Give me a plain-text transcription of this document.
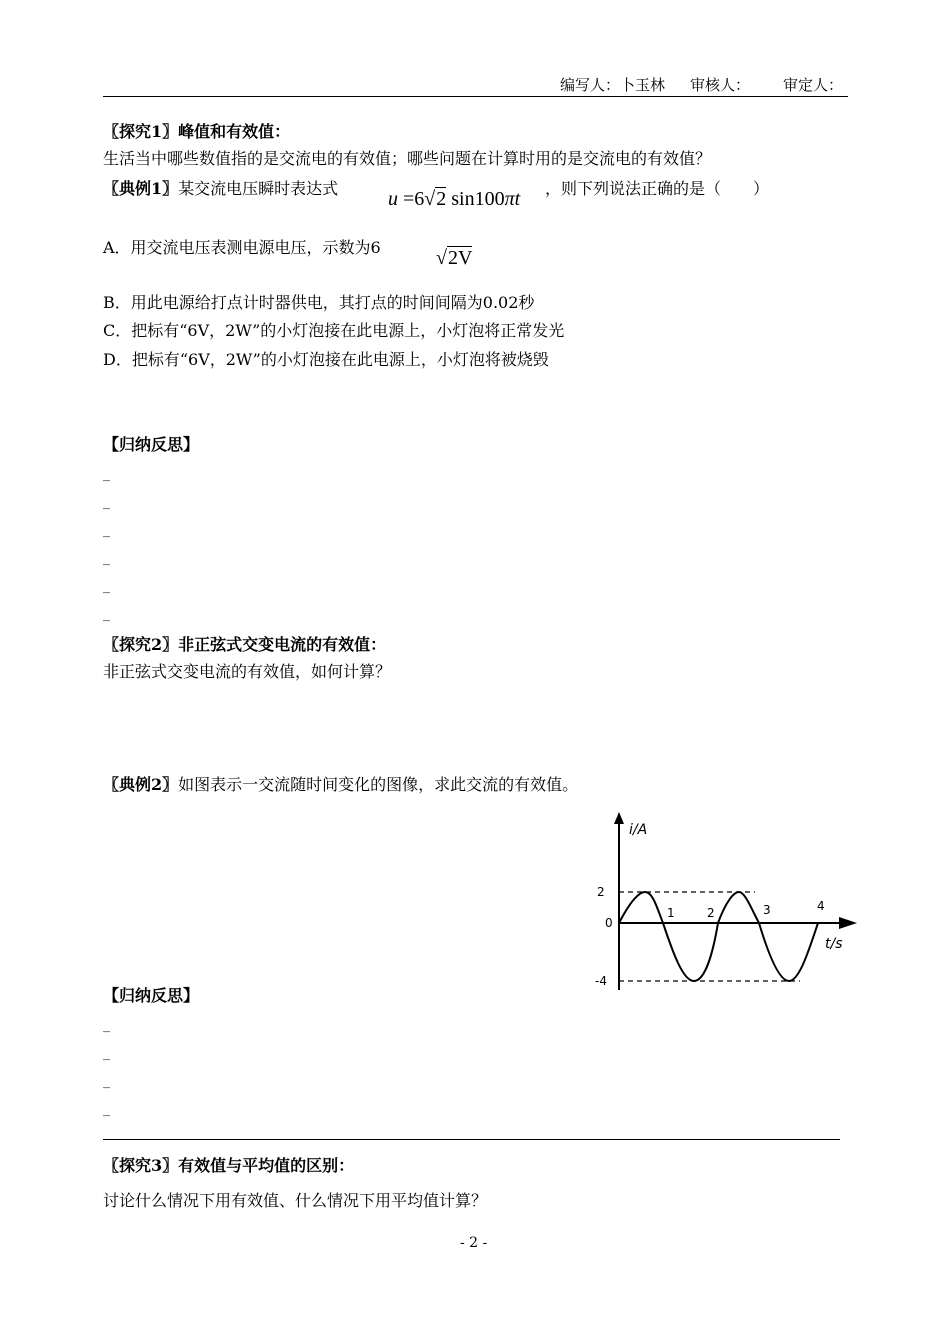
编写人：卜玉林 审核人： 审定人：
〖探究1〗峰值和有效值：
生活当中哪些数值指的是交流电的有效值；哪些问题在计算时用的是交流电的有效值？
〖典例1〗某交流电压瞬时表达式 u =6√2 sin100πt ，则下列说法正确的是（　　）
A．用交流电压表测电源电压，示数为6	√2V
B．用此电源给打点计时器供电，其打点的时间间隔为0.02秒
C．把标有“6V，2W”的小灯泡接在此电源上，小灯泡将正常发光
D．把标有“6V，2W”的小灯泡接在此电源上，小灯泡将被烧毁
【归纳反思】
_
_
_
_
_
_
〖探究2〗非正弦式交变电流的有效值：
非正弦式交变电流的有效值，如何计算？
〖典例2〗如图表示一交流随时间变化的图像，求此交流的有效值。
i/A
t/s
0
2
-4
1	2	3	4
【归纳反思】
_
_
_
_
〖探究3〗有效值与平均值的区别：
讨论什么情况下用有效值、什么情况下用平均值计算？
- 2 -
